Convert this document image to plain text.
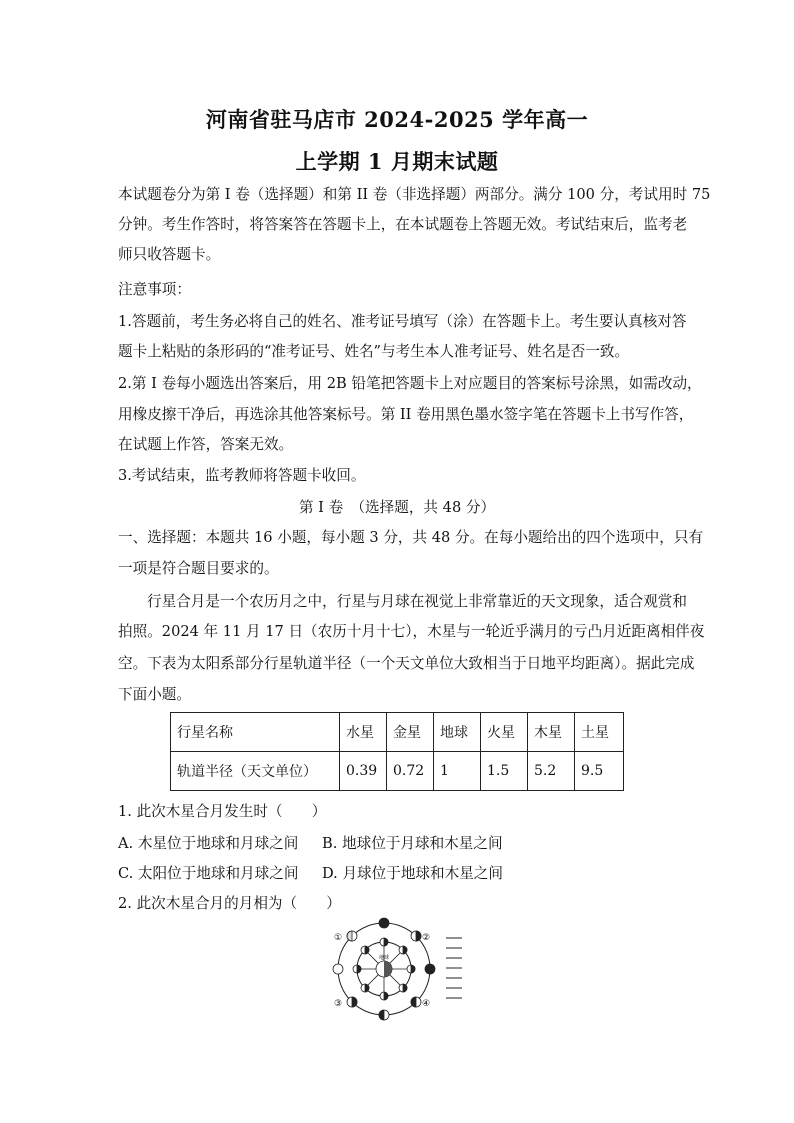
河南省驻马店市 2024-2025 学年高一
上学期 1 月期末试题
本试题卷分为第 I 卷（选择题）和第 II 卷（非选择题）两部分。满分 100 分，考试用时 75
分钟。考生作答时，将答案答在答题卡上，在本试题卷上答题无效。考试结束后，监考老
师只收答题卡。
注意事项：
1.答题前，考生务必将自己的姓名、准考证号填写（涂）在答题卡上。考生要认真核对答
题卡上粘贴的条形码的“准考证号、姓名”与考生本人准考证号、姓名是否一致。
2.第 I 卷每小题选出答案后，用 2B 铅笔把答题卡上对应题目的答案标号涂黑，如需改动，
用橡皮擦干净后，再选涂其他答案标号。第 II 卷用黑色墨水签字笔在答题卡上书写作答，
在试题上作答，答案无效。
3.考试结束，监考教师将答题卡收回。
第 I 卷　（选择题，共 48 分）
一、选择题：本题共 16 小题，每小题 3 分，共 48 分。在每小题给出的四个选项中，只有
一项是符合题目要求的。
行星合月是一个农历月之中，行星与月球在视觉上非常靠近的天文现象，适合观赏和
拍照。2024 年 11 月 17 日（农历十月十七），木星与一轮近乎满月的亏凸月近距离相伴夜
空。下表为太阳系部分行星轨道半径（一个天文单位大致相当于日地平均距离）。据此完成
下面小题。
行星名称	水星	金星	地球	火星	木星	土星
轨道半径（天文单位）	0.39	0.72	1	1.5	5.2	9.5
1. 此次木星合月发生时（　　）
A. 木星位于地球和月球之间 B. 地球位于月球和木星之间
C. 太阳位于地球和月球之间 D. 月球位于地球和木星之间
2. 此次木星合月的月相为（　　）
地球
①	②
③	④
